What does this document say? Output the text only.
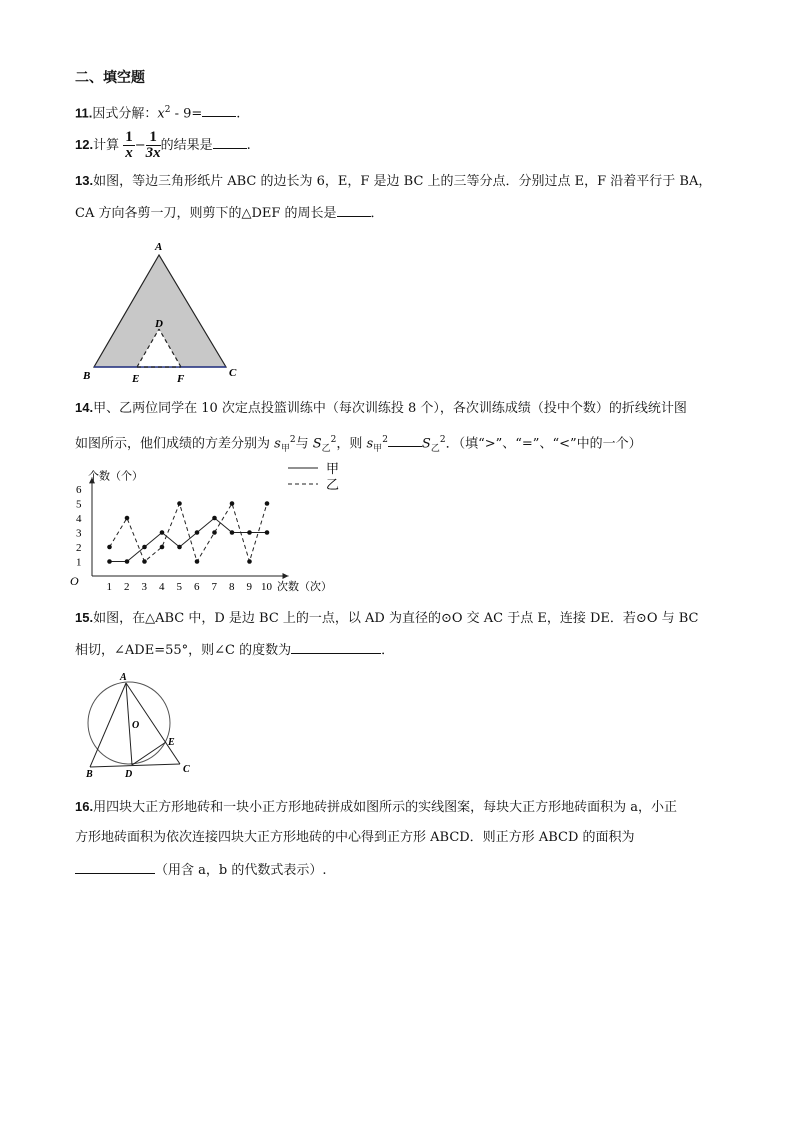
二、填空题
11.因式分解：$x^2 - 9=$	.
12.计算 $\frac{1}{x} - \frac{1}{3x}$ 的结果是	.
13.如图，等边三角形纸片 ABC 的边长为 6，E，F 是边 BC 上的三等分点．分别过点 E，F 沿着平行于 BA，
CA 方向各剪一刀，则剪下的△DEF 的周长是	．
A
D
B	E	F	C
14.甲、乙两位同学在 10 次定点投篮训练中（每次训练投 8 个），各次训练成绩（投中个数）的折线统计图
如图所示，他们成绩的方差分别为 $s_甲^2$与 $S_乙^2$，则 $s_甲^2$	$S_乙^2$．（填“>”、“=”、“<”中的一个）
O
个数（个）
次数（次）
1
2
3
4
5
6
1 2 3 4 5 6 7 8 9 10
甲
乙
15.如图，在△ABC 中，D 是边 BC 上的一点，以 AD 为直径的⊙O 交 AC 于点 E，连接 DE．若⊙O 与 BC
相切，∠ADE=55°，则∠C 的度数为	．
A
O
E
B	D	C
16.用四块大正方形地砖和一块小正方形地砖拼成如图所示的实线图案，每块大正方形地砖面积为 a，小正
方形地砖面积为依次连接四块大正方形地砖的中心得到正方形 ABCD．则正方形 ABCD 的面积为
（用含 a，b 的代数式表示）.
